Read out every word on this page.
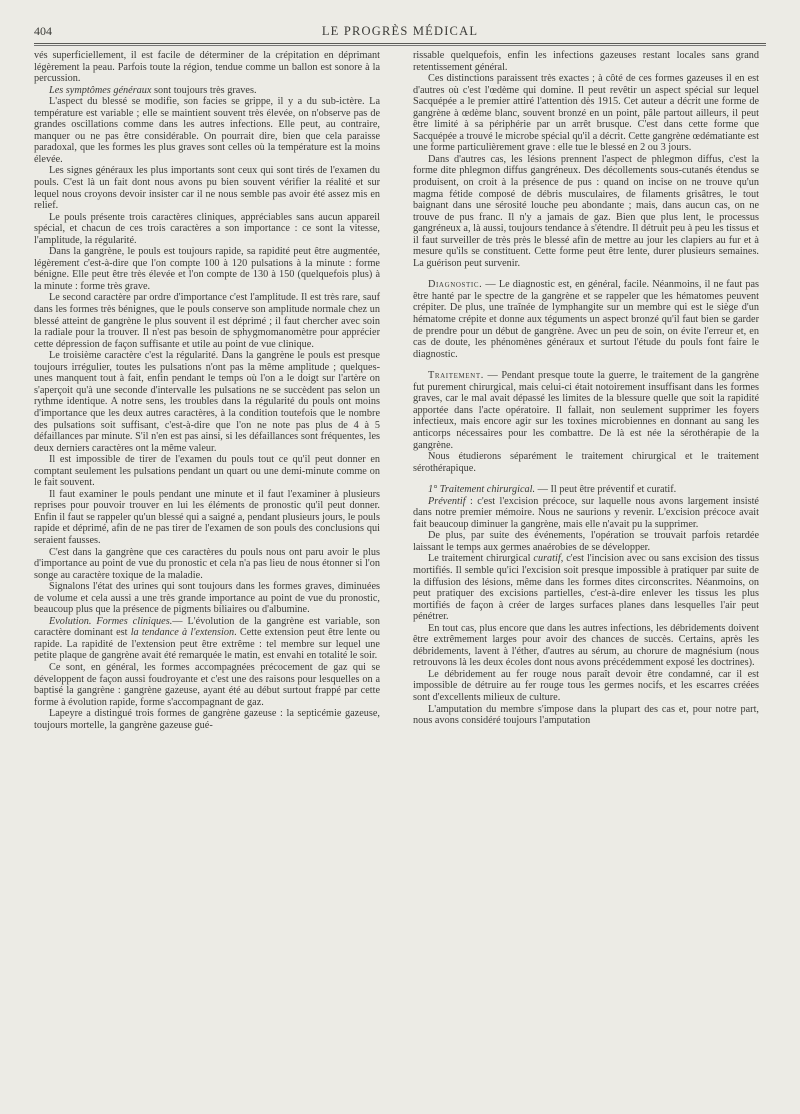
404	LE PROGRÈS MÉDICAL

vés superficiellement, il est facile de déterminer de la crépitation en déprimant légèrement la peau. Parfois toute la région, tendue comme un ballon est sonore à la percussion.

Les symptômes généraux sont toujours très graves.

L'aspect du blessé se modifie, son facies se grippe, il y a du sub-ictère. La température est variable ; elle se maintient souvent très élevée, on n'observe pas de grandes oscillations comme dans les autres infections. Elle peut, au contraire, manquer ou ne pas être considérable. On pourrait dire, bien que cela paraisse paradoxal, que les formes les plus graves sont celles où la température est la moins élevée.

Les signes généraux les plus importants sont ceux qui sont tirés de l'examen du pouls. C'est là un fait dont nous avons pu bien souvent vérifier la réalité et sur lequel nous croyons devoir insister car il ne nous semble pas avoir été assez mis en relief.

Le pouls présente trois caractères cliniques, appréciables sans aucun appareil spécial, et chacun de ces trois caractères a son importance : ce sont la vitesse, l'amplitude, la régularité.

Dans la gangrène, le pouls est toujours rapide, sa rapidité peut être augmentée, légèrement c'est-à-dire que l'on compte 100 à 120 pulsations à la minute : forme bénigne. Elle peut être très élevée et l'on compte de 130 à 150 (quelquefois plus) à la minute : forme très grave.

Le second caractère par ordre d'importance c'est l'amplitude. Il est très rare, sauf dans les formes très bénignes, que le pouls conserve son amplitude normale chez un blessé atteint de gangrène le plus souvent il est déprimé ; il faut chercher avec soin la radiale pour la trouver. Il n'est pas besoin de sphygmomanomètre pour apprécier cette dépression de façon suffisante et utile au point de vue clinique.

Le troisième caractère c'est la régularité. Dans la gangrène le pouls est presque toujours irrégulier, toutes les pulsations n'ont pas la même amplitude ; quelques-unes manquent tout à fait, enfin pendant le temps où l'on a le doigt sur l'artère on s'aperçoit qu'à une seconde d'intervalle les pulsations ne se succèdent pas selon un rythme identique. A notre sens, les troubles dans la régularité du pouls ont moins d'importance que les deux autres caractères, à la condition toutefois que le nombre des pulsations soit suffisant, c'est-à-dire que l'on ne note pas plus de 4 à 5 défaillances par minute. S'il n'en est pas ainsi, si les défaillances sont fréquentes, les deux derniers caractères ont la même valeur.

Il est impossible de tirer de l'examen du pouls tout ce qu'il peut donner en comptant seulement les pulsations pendant un quart ou une demi-minute comme on le fait souvent.

Il faut examiner le pouls pendant une minute et il faut l'examiner à plusieurs reprises pour pouvoir trouver en lui les éléments de pronostic qu'il peut donner. Enfin il faut se rappeler qu'un blessé qui a saigné a, pendant plusieurs jours, le pouls rapide et déprimé, afin de ne pas tirer de l'examen de son pouls des conclusions qui seraient fausses.

C'est dans la gangrène que ces caractères du pouls nous ont paru avoir le plus d'importance au point de vue du pronostic et cela n'a pas lieu de nous étonner si l'on songe au caractère toxique de la maladie.

Signalons l'état des urines qui sont toujours dans les formes graves, diminuées de volume et cela aussi a une très grande importance au point de vue du pronostic, beaucoup plus que la présence de pigments biliaires ou d'albumine.

Evolution. Formes cliniques.— L'évolution de la gangrène est variable, son caractère dominant est la tendance à l'extension. Cette extension peut être lente ou rapide. La rapidité de l'extension peut être extrême : tel membre sur lequel une petite plaque de gangrène avait été remarquée le matin, est envahi en totalité le soir.

Ce sont, en général, les formes accompagnées précocement de gaz qui se développent de façon aussi foudroyante et c'est une des raisons pour lesquelles on a baptisé la gangrène : gangrène gazeuse, ayant été au début surtout frappé par cette forme à évolution rapide, forme s'accompagnant de gaz.

Lapeyre a distingué trois formes de gangrène gazeuse : la septicémie gazeuse, toujours mortelle, la gangrène gazeuse gué-

rissable quelquefois, enfin les infections gazeuses restant locales sans grand retentissement général.

Ces distinctions paraissent très exactes ; à côté de ces formes gazeuses il en est d'autres où c'est l'œdème qui domine. Il peut revêtir un aspect spécial sur lequel Sacquépée a le premier attiré l'attention dès 1915. Cet auteur a décrit une forme de gangrène à œdème blanc, souvent bronzé en un point, pâle partout ailleurs, il peut être limité à sa périphérie par un arrêt brusque. C'est dans cette forme que Sacquépée a trouvé le microbe spécial qu'il a décrit. Cette gangrène œdématiante est une forme particulièrement grave : elle tue le blessé en 2 ou 3 jours.

Dans d'autres cas, les lésions prennent l'aspect de phlegmon diffus, c'est la forme dite phlegmon diffus gangréneux. Des décollements sous-cutanés étendus se produisent, on croit à la présence de pus : quand on incise on ne trouve qu'un magma fétide composé de débris musculaires, de filaments grisâtres, le tout baignant dans une sérosité louche peu abondante ; mais, dans aucun cas, on ne trouve de pus franc. Il n'y a jamais de gaz. Bien que plus lent, le processus gangréneux a, là aussi, toujours tendance à s'étendre. Il détruit peu à peu les tissus et il faut surveiller de très près le blessé afin de mettre au jour les clapiers au fur et à mesure qu'ils se constituent. Cette forme peut être lente, durer plusieurs semaines. La guérison peut survenir.

Diagnostic. — Le diagnostic est, en général, facile. Néanmoins, il ne faut pas être hanté par le spectre de la gangrène et se rappeler que les hématomes peuvent crépiter. De plus, une traînée de lymphangite sur un membre qui est le siège d'un hématome crépite et donne aux téguments un aspect bronzé qu'il faut bien se garder de prendre pour un début de gangrène. Avec un peu de soin, on évite l'erreur et, en cas de doute, les phénomènes généraux et surtout l'étude du pouls font faire le diagnostic.

Traitement. — Pendant presque toute la guerre, le traitement de la gangrène fut purement chirurgical, mais celui-ci était notoirement insuffisant dans les formes graves, car le mal avait dépassé les limites de la blessure quelle que soit la rapidité apportée dans l'acte opératoire. Il fallait, non seulement supprimer les foyers infectieux, mais encore agir sur les toxines microbiennes en donnant au sang les anticorps nécessaires pour les combattre. De là est née la sérothérapie de la gangrène.

Nous étudierons séparément le traitement chirurgical et le traitement sérothérapique.

1° Traitement chirurgical. — Il peut être préventif et curatif.

Préventif : c'est l'excision précoce, sur laquelle nous avons largement insisté dans notre premier mémoire. Nous ne saurions y revenir. L'excision précoce avait fait beaucoup diminuer la gangrène, mais elle n'avait pu la supprimer.

De plus, par suite des événements, l'opération se trouvait parfois retardée laissant le temps aux germes anaérobies de se développer.

Le traitement chirurgical curatif, c'est l'incision avec ou sans excision des tissus mortifiés. Il semble qu'ici l'excision soit presque impossible à pratiquer par suite de la diffusion des lésions, même dans les formes dites circonscrites. Néanmoins, on peut pratiquer des excisions partielles, c'est-à-dire enlever les tissus les plus mortifiés de façon à créer de larges surfaces planes dans lesquelles l'air peut pénétrer.

En tout cas, plus encore que dans les autres infections, les débridements doivent être extrêmement larges pour avoir des chances de succès. Certains, après les débridements, lavent à l'éther, d'autres au sérum, au chorure de magnésium (nous retrouvons là les deux écoles dont nous avons précédemment exposé les doctrines).

Le débridement au fer rouge nous paraît devoir être condamné, car il est impossible de détruire au fer rouge tous les germes nocifs, et les escarres créées sont d'excellents milieux de culture.

L'amputation du membre s'impose dans la plupart des cas et, pour notre part, nous avons considéré toujours l'amputation
